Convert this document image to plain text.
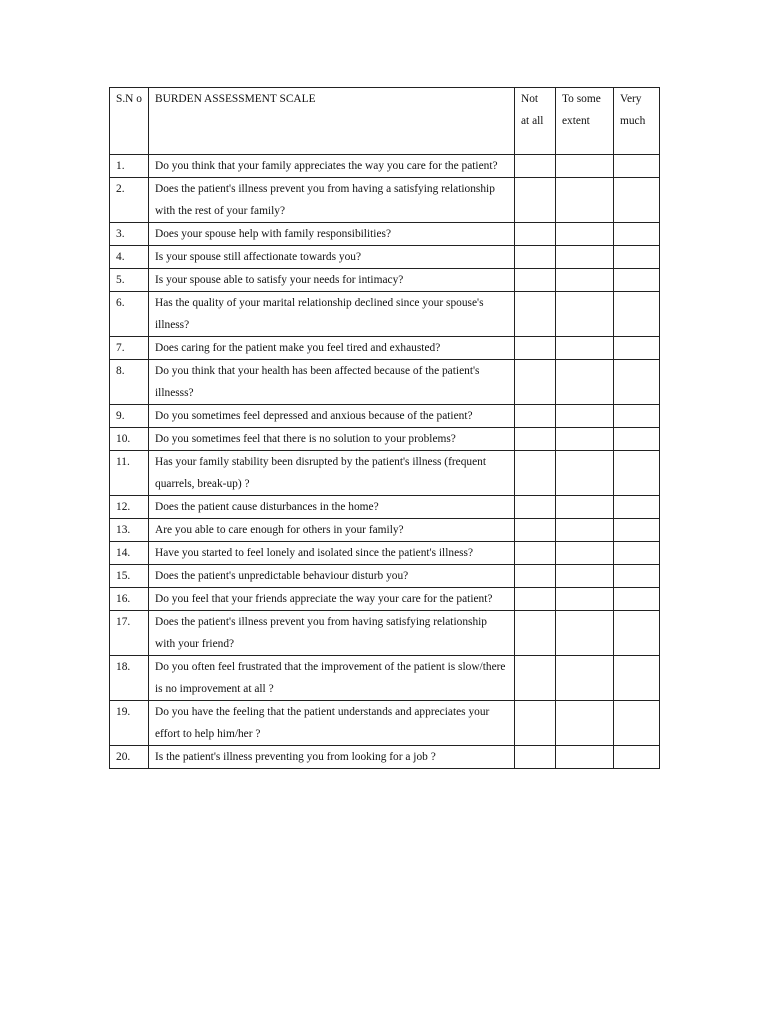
S.N o	BURDEN ASSESSMENT SCALE	Not at all	To some extent	Very much
1.	Do you think that your family appreciates the way you care for the patient?			
2.	Does the patient's illness prevent you from having a satisfying relationship with the rest of your family?			
3.	Does your spouse help with family responsibilities?			
4.	Is your spouse still affectionate towards you?			
5.	Is your spouse able to satisfy your needs for intimacy?			
6.	Has the quality of your marital relationship declined since your spouse's illness?			
7.	Does caring for the patient make you feel tired and exhausted?			
8.	Do you think that your health has been affected because of the patient's illnesss?			
9.	Do you sometimes feel depressed and anxious because of the patient?			
10.	Do you sometimes feel that there is no solution to your problems?			
11.	Has your family stability been disrupted by the patient's illness (frequent quarrels, break-up) ?			
12.	Does the patient cause disturbances in the home?			
13.	Are you able to care enough for others in your family?			
14.	Have you started to feel lonely and isolated since the patient's illness?			
15.	Does the patient's unpredictable behaviour disturb you?			
16.	Do you feel that your friends appreciate the way your care for the patient?			
17.	Does the patient's illness prevent you from having satisfying relationship with your friend?			
18.	Do you often feel frustrated that the improvement of the patient is slow/there is no improvement at all ?			
19.	Do you have the feeling that the patient understands and appreciates your effort to help him/her ?			
20.	Is the patient's illness preventing you from looking for a job ?			
